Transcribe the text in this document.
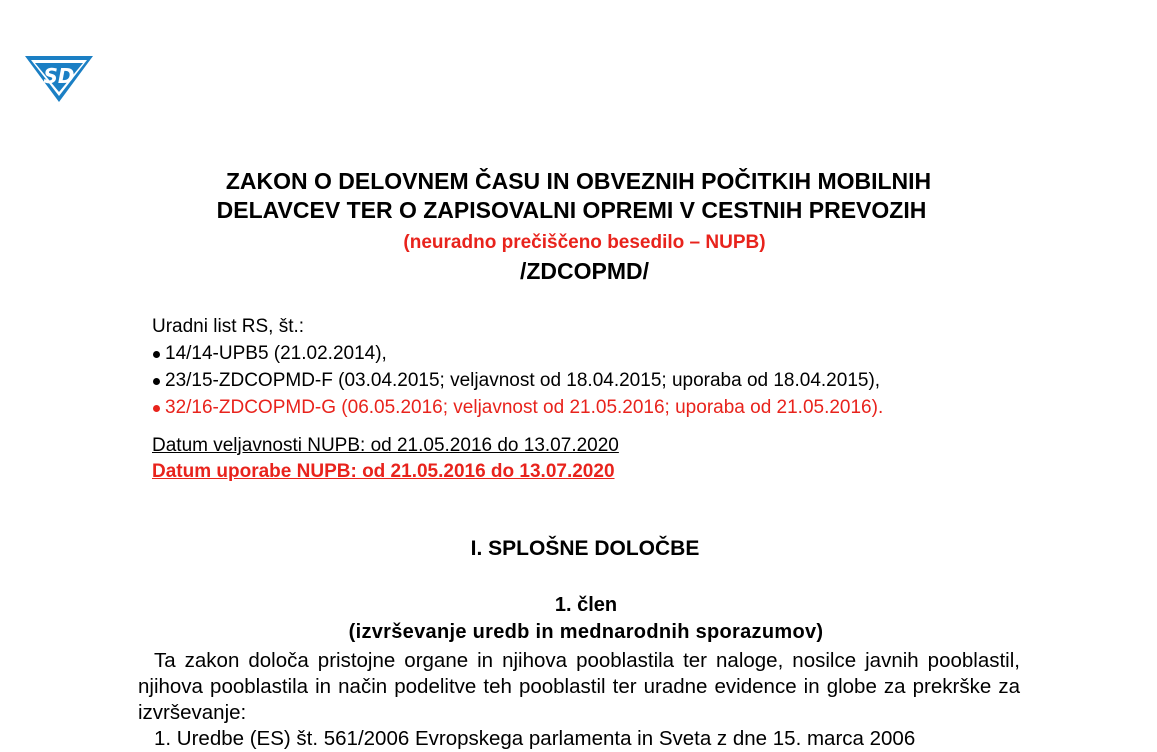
SD
ZAKON O DELOVNEM ČASU IN OBVEZNIH POČITKIH MOBILNIH
DELAVCEV TER O ZAPISOVALNI OPREMI V CESTNIH PREVOZIH
(neuradno prečiščeno besedilo – NUPB)
/ZDCOPMD/
Uradni list RS, št.:
14/14-UPB5 (21.02.2014),
23/15-ZDCOPMD-F (03.04.2015; veljavnost od 18.04.2015; uporaba od 18.04.2015),
32/16-ZDCOPMD-G (06.05.2016; veljavnost od 21.05.2016; uporaba od 21.05.2016).
Datum veljavnosti NUPB: od 21.05.2016 do 13.07.2020
Datum uporabe NUPB: od 21.05.2016 do 13.07.2020
I. SPLOŠNE DOLOČBE
1. člen
(izvrševanje uredb in mednarodnih sporazumov)

Ta zakon določa pristojne organe in njihova pooblastila ter naloge, nosilce javnih pooblastil, njihova pooblastila in način podelitve teh pooblastil ter uradne evidence in globe za prekrške za izvrševanje:

1. Uredbe (ES) št. 561/2006 Evropskega parlamenta in Sveta z dne 15. marca 2006
